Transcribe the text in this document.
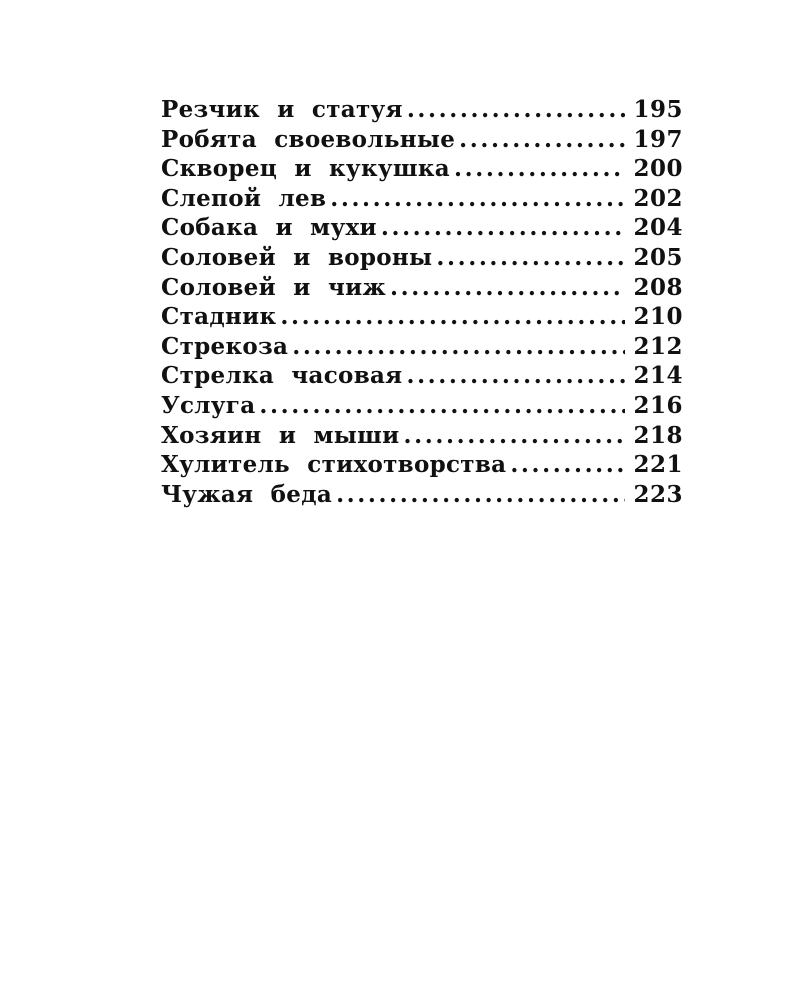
Резчик и статуя .....	195
Робята своевольные .....	197
Скворец и кукушка .....	200
Слепой лев .....	202
Собака и мухи .....	204
Соловей и вороны .....	205
Соловей и чиж .....	208
Стадник .....	210
Стрекоза .....	212
Стрелка часовая .....	214
Услуга .....	216
Хозяин и мыши .....	218
Хулитель стихотворства .....	221
Чужая беда .....	223
